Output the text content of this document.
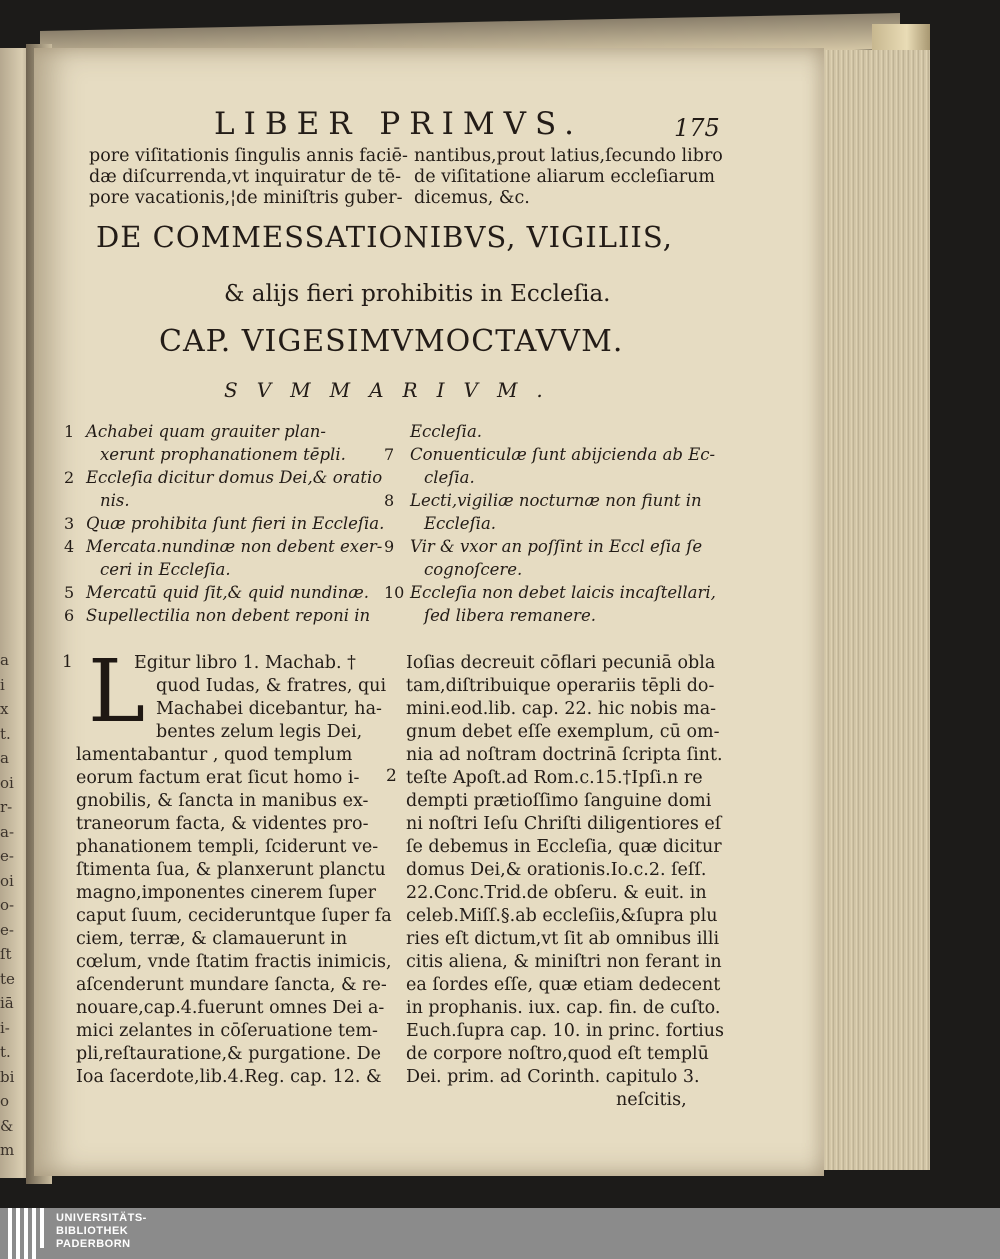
a
i
x
t.
a
oi
r-
a-
e-
oi
o-
e-
ſt
te
iā
i-
t.
bi
o
&
m
LIBER PRIMVS.	175
pore viſitationis ſingulis annis faciē-
dæ diſcurrenda,vt inquiratur de tē-
pore vacationis,¦de miniſtris guber-
nantibus,prout latius,ſecundo libro
de viſitatione aliarum eccleſiarum
dicemus, &c.
DE COMMESSATIONIBVS, VIGILIIS,
& alijs fieri prohibitis in Eccleſia.
CAP. VIGESIMVMOCTAVVM.
SVMMARIVM.
1 Achabei quam grauiter plan-
xerunt prophanationem tēpli.
2 Eccleſia dicitur domus Dei,& oratio
nis.
3 Quæ prohibita ſunt fieri in Eccleſia.
4 Mercata.nundinæ non debent exer-
ceri in Eccleſia.
5 Mercatū quid ſit,& quid nundinæ.
6 Supellectilia non debent reponi in
Eccleſia.
7 Conuenticulæ ſunt abijcienda ab Ec-
cleſia.
8 Lecti,vigiliæ nocturnæ non fiunt in
Eccleſia.
9 Vir & vxor an poſſint in Eccl eſia ſe
cognoſcere.
10 Eccleſia non debet laicis incaſtellari,
ſed libera remanere.
L
1
2
Egitur libro 1. Machab. †
quod Iudas, & fratres, qui
Machabei dicebantur, ha-
bentes zelum legis Dei,
lamentabantur , quod templum
eorum factum erat ſicut homo i-
gnobilis, & ſancta in manibus ex-
traneorum facta, & videntes pro-
phanationem templi, ſciderunt ve-
ſtimenta ſua, & planxerunt planctu
magno,imponentes cinerem ſuper
caput ſuum, cecideruntque ſuper fa
ciem, terræ, & clamauerunt in
cœlum, vnde ſtatim fractis inimicis,
aſcenderunt mundare ſancta, & re-
nouare,cap.4.fuerunt omnes Dei a-
mici zelantes in cōſeruatione tem-
pli,reſtauratione,& purgatione. De
Ioa ſacerdote,lib.4.Reg. cap. 12. &
Ioſias decreuit cōflari pecuniā obla
tam,diſtribuique operariis tēpli do-
mini.eod.lib. cap. 22. hic nobis ma-
gnum debet eſſe exemplum, cū om-
nia ad noſtram doctrinā ſcripta ſint.
teſte Apoſt.ad Rom.c.15.†Ipſi.n re
dempti prætioſſimo ſanguine domi
ni noſtri Ieſu Chriſti diligentiores eſ
ſe debemus in Eccleſia, quæ dicitur
domus Dei,& orationis.Io.c.2. ſeſſ.
22.Conc.Trid.de obſeru. & euit. in
celeb.Miſſ.§.ab eccleſiis,&ſupra plu
ries eſt dictum,vt ſit ab omnibus illi
citis aliena, & miniſtri non ferant in
ea ſordes eſſe, quæ etiam dedecent
in prophanis. iux. cap. fin. de cuſto.
Euch.ſupra cap. 10. in princ. fortius
de corpore noſtro,quod eſt templū
Dei. prim. ad Corinth. capitulo 3.
neſcitis,
UNIVERSITÄTS-
BIBLIOTHEK
PADERBORN
